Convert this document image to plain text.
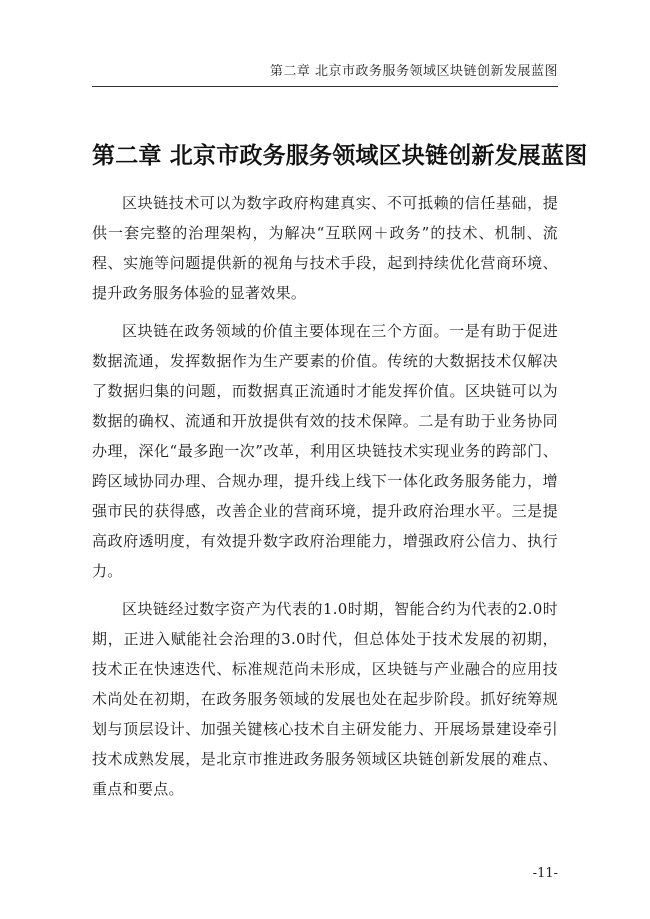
第二章 北京市政务服务领域区块链创新发展蓝图
第二章 北京市政务服务领域区块链创新发展蓝图

区块链技术可以为数字政府构建真实、不可抵赖的信任基础，提供一套完整的治理架构，为解决“互联网＋政务”的技术、机制、流程、实施等问题提供新的视角与技术手段，起到持续优化营商环境、提升政务服务体验的显著效果。

区块链在政务领域的价值主要体现在三个方面。一是有助于促进数据流通，发挥数据作为生产要素的价值。传统的大数据技术仅解决了数据归集的问题，而数据真正流通时才能发挥价值。区块链可以为数据的确权、流通和开放提供有效的技术保障。二是有助于业务协同办理，深化“最多跑一次”改革，利用区块链技术实现业务的跨部门、跨区域协同办理、合规办理，提升线上线下一体化政务服务能力，增强市民的获得感，改善企业的营商环境，提升政府治理水平。三是提高政府透明度，有效提升数字政府治理能力，增强政府公信力、执行力。

区块链经过数字资产为代表的1.0时期，智能合约为代表的2.0时期，正进入赋能社会治理的3.0时代，但总体处于技术发展的初期，技术正在快速迭代、标准规范尚未形成，区块链与产业融合的应用技术尚处在初期，在政务服务领域的发展也处在起步阶段。抓好统筹规划与顶层设计、加强关键核心技术自主研发能力、开展场景建设牵引技术成熟发展，是北京市推进政务服务领域区块链创新发展的难点、重点和要点。

-11-
